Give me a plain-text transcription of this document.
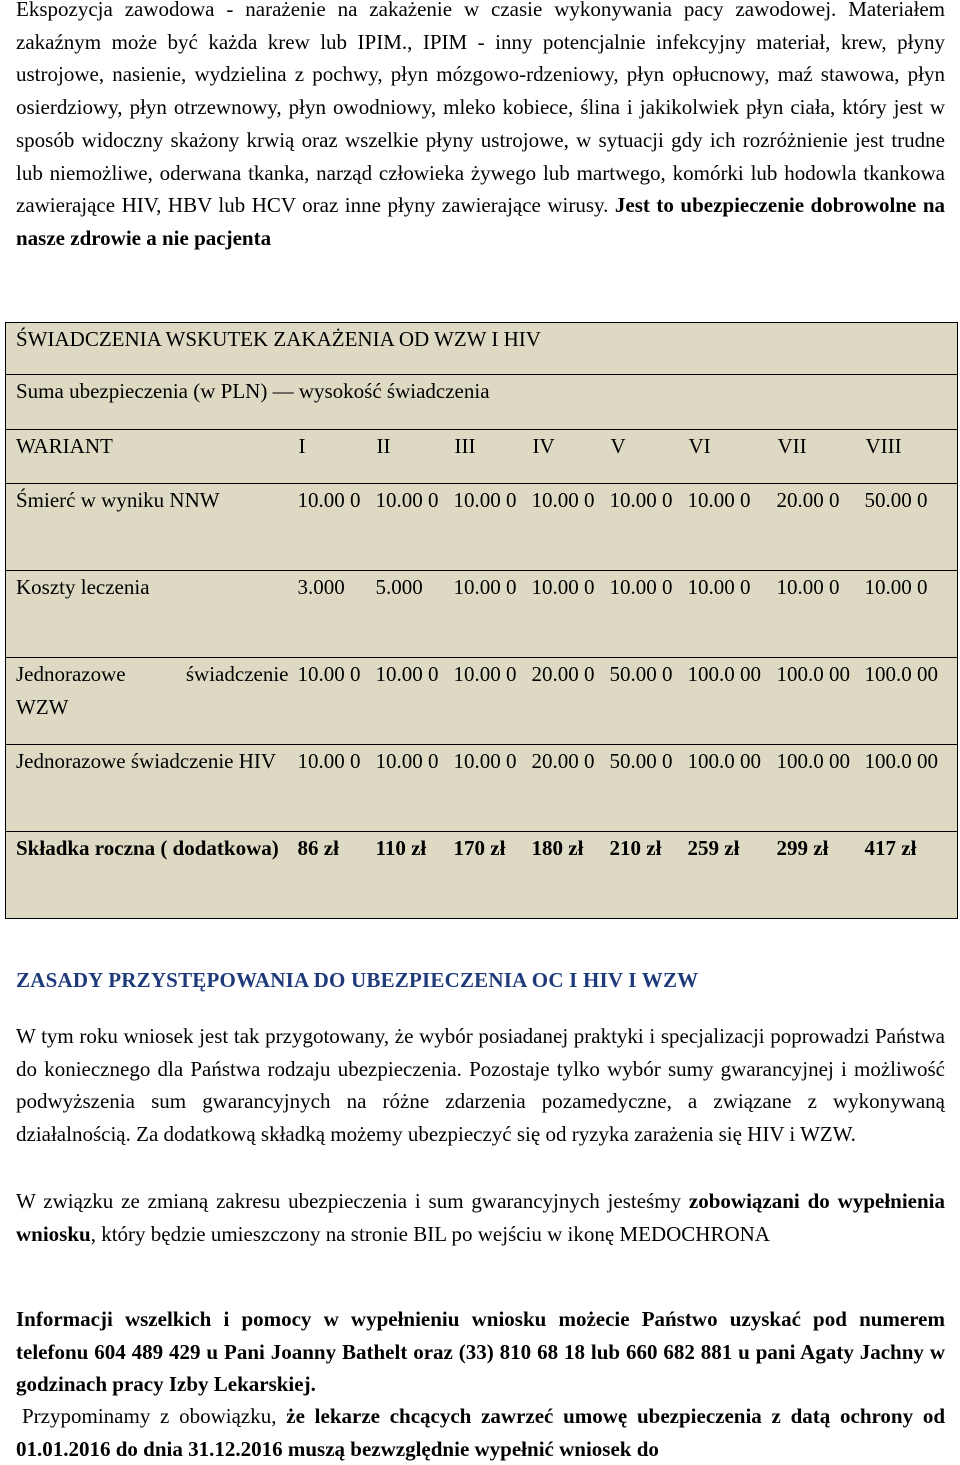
Ekspozycja zawodowa - narażenie na zakażenie w czasie wykonywania pacy zawodowej. Materiałem zakaźnym może być każda krew lub IPIM., IPIM - inny potencjalnie infekcyjny materiał, krew, płyny ustrojowe, nasienie, wydzielina z pochwy, płyn mózgowo-rdzeniowy, płyn opłucnowy, maź stawowa, płyn osierdziowy, płyn otrzewnowy, płyn owodniowy, mleko kobiece, ślina i jakikolwiek płyn ciała, który jest w sposób widoczny skażony krwią oraz wszelkie płyny ustrojowe, w sytuacji gdy ich rozróżnienie jest trudne lub niemożliwe, oderwana tkanka, narząd człowieka żywego lub martwego, komórki lub hodowla tkankowa zawierające HIV, HBV lub HCV oraz inne płyny zawierające wirusy. Jest to ubezpieczenie dobrowolne na nasze zdrowie a nie pacjenta
ŚWIADCZENIA WSKUTEK ZAKAŻENIA OD WZW I HIV								

Suma ubezpieczenia (w PLN) — wysokość świadczenia								

WARIANT	I	II	III	IV	V	VI	VII	VIII

Śmierć w wyniku NNW	10.00 0	10.00 0	10.00 0	10.00 0	10.00 0	10.00 0	20.00 0	50.00 0

Koszty leczenia	3.000	5.000	10.00 0	10.00 0	10.00 0	10.00 0	10.00 0	10.00 0

Jednorazowe świadczenie WZW	10.00 0	10.00 0	10.00 0	20.00 0	50.00 0	100.0 00	100.0 00	100.0 00

Jednorazowe świadczenie HIV	10.00 0	10.00 0	10.00 0	20.00 0	50.00 0	100.0 00	100.0 00	100.0 00

Składka roczna ( dodatkowa)	86 zł	110 zł	170 zł	180 zł	210 zł	259 zł	299 zł	417 zł
ZASADY PRZYSTĘPOWANIA DO UBEZPIECZENIA OC I HIV I WZW
W tym roku wniosek jest tak przygotowany, że wybór posiadanej praktyki i specjalizacji poprowadzi Państwa do koniecznego dla Państwa rodzaju ubezpieczenia. Pozostaje tylko wybór sumy gwarancyjnej i możliwość podwyższenia sum gwarancyjnych na różne zdarzenia pozamedyczne, a związane z wykonywaną działalnością. Za dodatkową składką możemy ubezpieczyć się od ryzyka zarażenia się HIV i WZW.
W związku ze zmianą zakresu ubezpieczenia i sum gwarancyjnych jesteśmy zobowiązani do wypełnienia wniosku, który będzie umieszczony na stronie BIL po wejściu w ikonę MEDOCHRONA
Informacji wszelkich i pomocy w wypełnieniu wniosku możecie Państwo uzyskać pod numerem telefonu 604 489 429 u Pani Joanny Bathelt oraz (33) 810 68 18 lub 660 682 881 u pani Agaty Jachny w godzinach pracy Izby Lekarskiej.
Przypominamy z obowiązku, że lekarze chcących zawrzeć umowę ubezpieczenia z datą ochrony od 01.01.2016 do dnia 31.12.2016 muszą bezwzględnie wypełnić wniosek do
